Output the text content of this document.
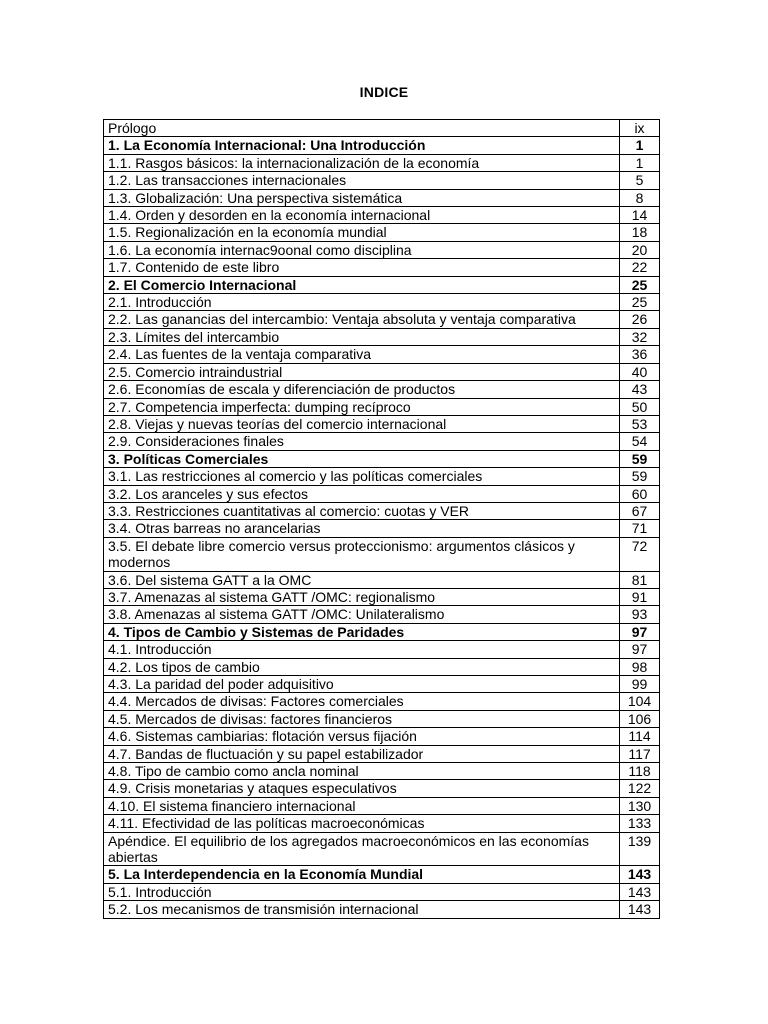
INDICE
Prólogo	ix
1. La Economía Internacional: Una Introducción	1
1.1. Rasgos básicos: la internacionalización de la economía	1
1.2. Las transacciones internacionales	5
1.3. Globalización: Una perspectiva sistemática	8
1.4. Orden y desorden en la economía internacional	14
1.5. Regionalización en la economía mundial	18
1.6. La economía internac9oonal como disciplina	20
1.7. Contenido de este libro	22
2. El Comercio Internacional	25
2.1. Introducción	25
2.2. Las ganancias del intercambio: Ventaja absoluta y ventaja comparativa	26
2.3. Límites del intercambio	32
2.4. Las fuentes de la ventaja comparativa	36
2.5. Comercio intraindustrial	40
2.6. Economías de escala y diferenciación de productos	43
2.7. Competencia imperfecta: dumping recíproco	50
2.8. Viejas y nuevas teorías del comercio internacional	53
2.9. Consideraciones finales	54
3. Políticas Comerciales	59
3.1. Las restricciones al comercio y las políticas comerciales	59
3.2. Los aranceles y sus efectos	60
3.3. Restricciones cuantitativas al comercio: cuotas y VER	67
3.4. Otras barreas no arancelarias	71
3.5. El debate libre comercio versus proteccionismo: argumentos clásicos y modernos	72
3.6. Del sistema GATT a la OMC	81
3.7. Amenazas al sistema GATT /OMC: regionalismo	91
3.8. Amenazas al sistema GATT /OMC: Unilateralismo	93
4. Tipos de Cambio y Sistemas de Paridades	97
4.1. Introducción	97
4.2. Los tipos de cambio	98
4.3. La paridad del poder adquisitivo	99
4.4. Mercados de divisas: Factores comerciales	104
4.5. Mercados de divisas: factores financieros	106
4.6. Sistemas cambiarias: flotación versus fijación	114
4.7. Bandas de fluctuación y su papel estabilizador	117
4.8. Tipo de cambio como ancla nominal	118
4.9. Crisis monetarias y ataques especulativos	122
4.10. El sistema financiero internacional	130
4.11. Efectividad de las políticas macroeconómicas	133
Apéndice. El equilibrio de los agregados macroeconómicos en las economías abiertas	139
5. La Interdependencia en la Economía Mundial	143
5.1. Introducción	143
5.2. Los mecanismos de transmisión internacional	143
